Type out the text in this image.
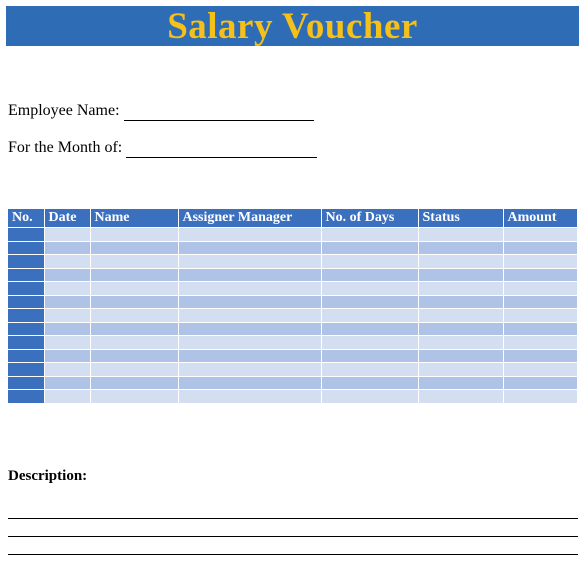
Salary Voucher
Employee Name:
For the Month of:
No.	Date	Name	Assigner Manager	No. of Days	Status	Amount

Description:
